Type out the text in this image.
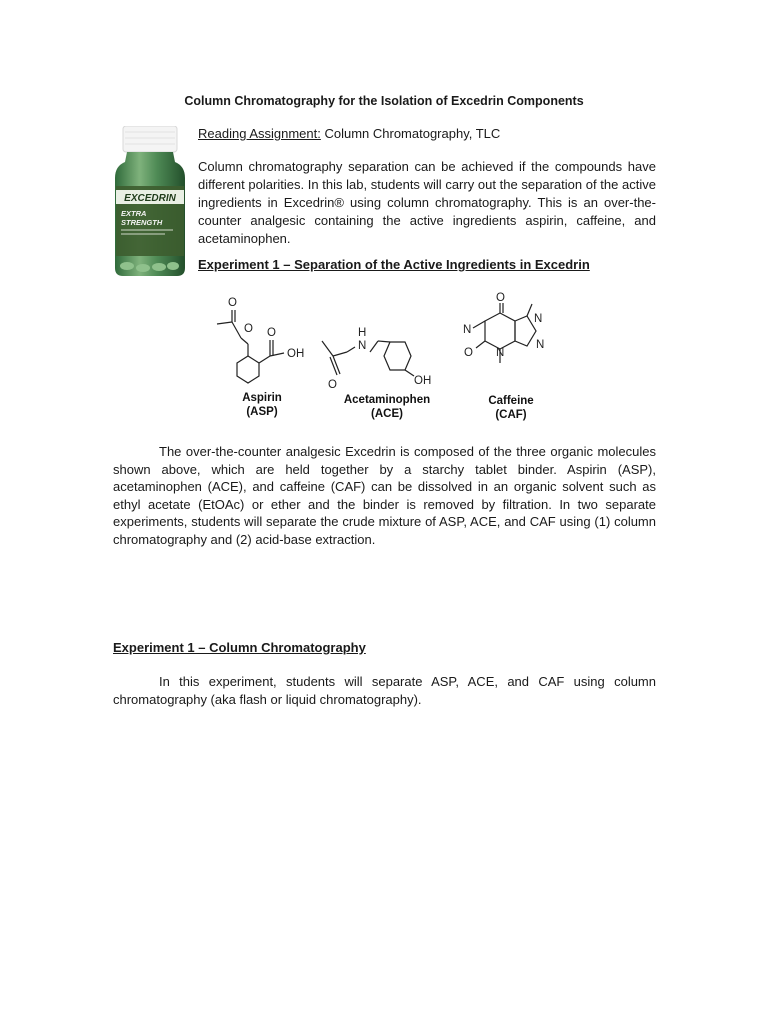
Column Chromatography for the Isolation of Excedrin Components
EXCEDRIN
EXTRA
STRENGTH
Reading Assignment: Column Chromatography, TLC
Column chromatography separation can be achieved if the compounds have different polarities. In this lab, students will carry out the separation of the active ingredients in Excedrin® using column chromatography. This is an over-the-counter analgesic containing the active ingredients aspirin, caffeine, and acetaminophen.
Experiment 1 – Separation of the Active Ingredients in Excedrin
O
O O
OH
H
N
O	OH
O
N
O N
N
N
Aspirin
(ASP)
Acetaminophen
(ACE)
Caffeine
(CAF)
The over-the-counter analgesic Excedrin is composed of the three organic molecules shown above, which are held together by a starchy tablet binder. Aspirin (ASP), acetaminophen (ACE), and caffeine (CAF) can be dissolved in an organic solvent such as ethyl acetate (EtOAc) or ether and the binder is removed by filtration. In two separate experiments, students will separate the crude mixture of ASP, ACE, and CAF using (1) column chromatography and (2) acid-base extraction.
Experiment 1 – Column Chromatography
In this experiment, students will separate ASP, ACE, and CAF using column chromatography (aka flash or liquid chromatography).
